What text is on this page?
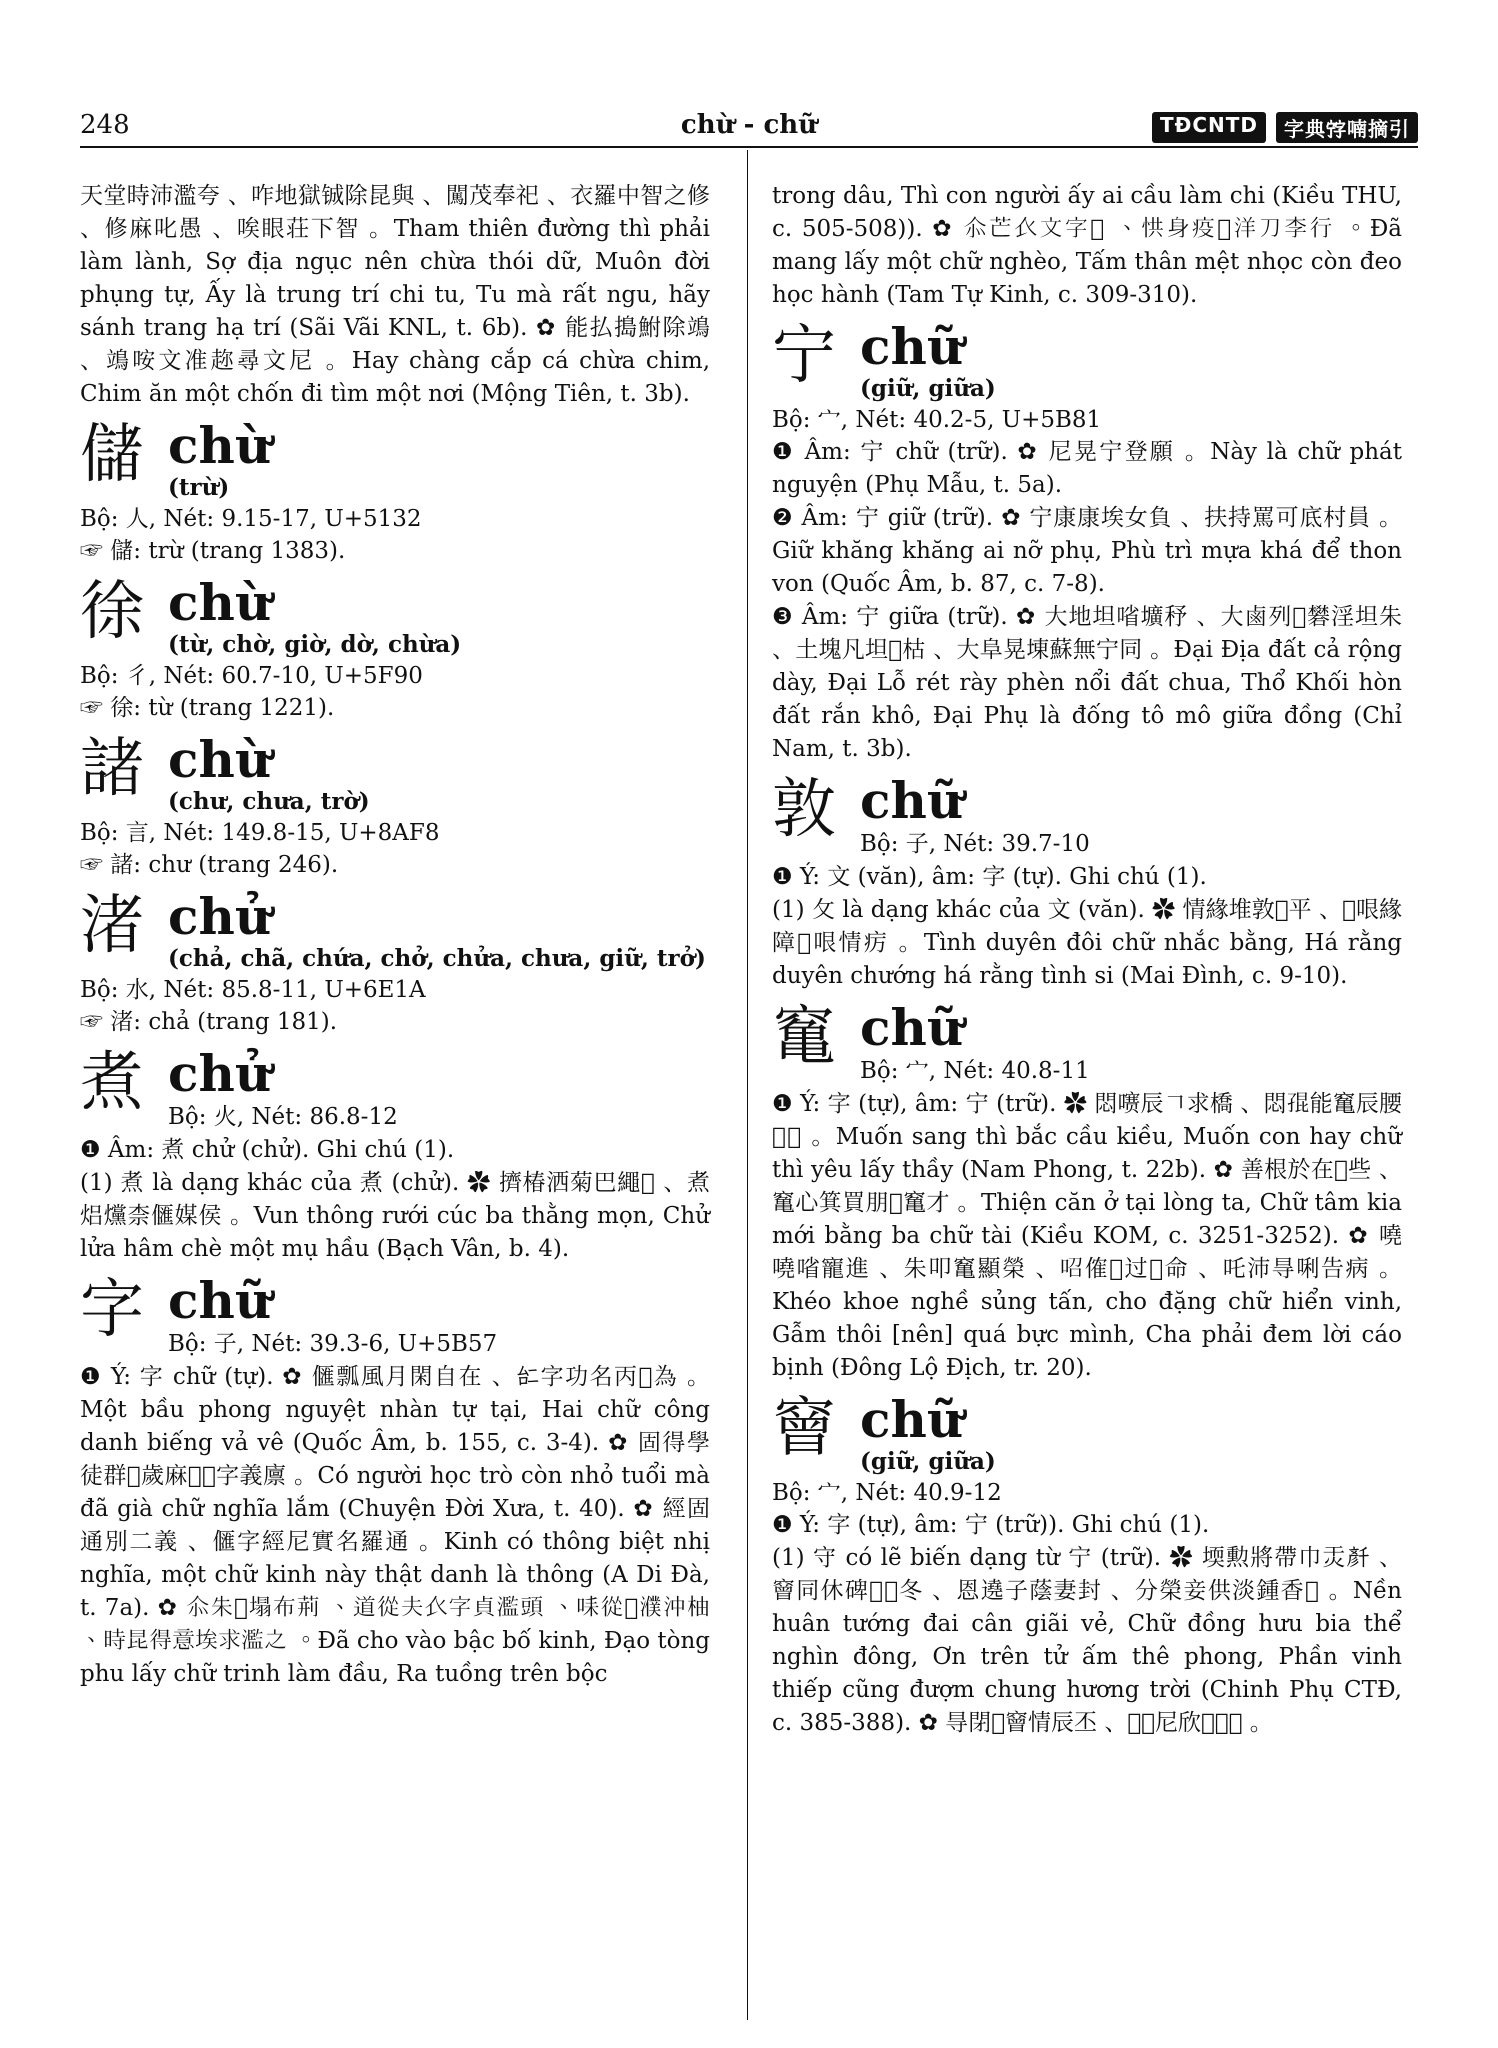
248	chừ - chữ	TĐCNTD	字典𡨸喃摘引

天堂時沛濫夸 、咋地獄铖除昆與 、闖茂奉祀 、衣羅中智之修 、修麻叱愚 、唉眼荘下智 。Tham thiên đường thì phải làm lành, Sợ địa ngục nên chừa thói dữ, Muôn đời phụng tự, Ấy là trung trí chi tu, Tu mà rất ngu, hãy sánh trang hạ trí (Sãi Vãi KNL, t. 6b). ✿ 能払搗鮒除鴗 、鴗咹文准趂尋文尼 。Hay chàng cắp cá chừa chim, Chim ăn một chốn đi tìm một nơi (Mộng Tiên, t. 3b).

儲 chừ
(trừ)

Bộ: 人, Nét: 9.15-17, U+5132

☞ 儲: trừ (trang 1383).

徐 chừ
(từ, chờ, giờ, dờ, chừa)

Bộ: 彳, Nét: 60.7-10, U+5F90

☞ 徐: từ (trang 1221).

諸 chừ
(chư, chưa, trờ)

Bộ: 言, Nét: 149.8-15, U+8AF8

☞ 諸: chư (trang 246).

渚 chử
(chả, chã, chứa, chở, chửa, chưa, giữ, trở)

Bộ: 水, Nét: 85.8-11, U+6E1A

☞ 渚: chả (trang 181).

煮 chử
Bộ: 火, Nét: 86.8-12

❶ Âm: 煮 chử (chử). Ghi chú (1).

(1) 煮 là dạng khác của 煮 (chử). ✿ 擠椿洒菊巴繩𣊾 、煮焒爣柰㒑媒侯 。Vun thông rưới cúc ba thằng mọn, Chử lửa hâm chè một mụ hầu (Bạch Vân, b. 4).

字 chữ
Bộ: 子, Nét: 39.3-6, U+5B57

❶ Ý: 字 chữ (tự). ✿ 㒑瓢風月閑自在 、𠄩字功名丙𦛌為 。Một bầu phong nguyệt nhàn tự tại, Hai chữ công danh biếng vả vê (Quốc Âm, b. 155, c. 3-4). ✿ 固得學徒群𣛠歲麻𣈜𣛠字義廪 。Có người học trò còn nhỏ tuổi mà đã già chữ nghĩa lắm (Chuyện Đời Xưa, t. 40). ✿ 經固通別二義 、㒑字經尼實名羅通 。Kinh có thông biệt nhị nghĩa, một chữ kinh này thật danh là thông (A Di Đà, t. 7a). ✿ 𠇍朱𠓨塌布荊 、道從夫𧘇字貞濫頭 、𠱤從𨖲濮沖柚 、時昆得意埃求濫之 。Đã cho vào bậc bố kinh, Đạo tòng phu lấy chữ trinh làm đầu, Ra tuồng trên bộc

trong dâu, Thì con người ấy ai cầu làm chi (Kiều THU, c. 505-508)). ✿ 𠇍芒𧘇文字𧿨 、㤨身疫𥟉洋刀李行 。Đã mang lấy một chữ nghèo, Tấm thân mệt nhọc còn đeo học hành (Tam Tự Kinh, c. 309-310).

宁 chữ
(giữ, giữa)

Bộ: 宀, Nét: 40.2-5, U+5B81

❶ Âm: 宁 chữ (trữ). ✿ 尼晃宁登願 。Này là chữ phát nguyện (Phụ Mẫu, t. 5a).

❷ Âm: 宁 giữ (trữ). ✿ 宁康康埃女負 、扶持罵可底村員 。Giữ khăng khăng ai nỡ phụ, Phù trì mựa khá để thon von (Quốc Âm, b. 87, c. 7-8).

❸ Âm: 宁 giữa (trữ). ✿ 大地坦㗂壙𥝱 、大鹵列𩆍礬淫坦朱 、土塊凡坦𠸗枯 、大阜晃埬蘇無宁同 。Đại Địa đất cả rộng dày, Đại Lỗ rét rày phèn nổi đất chua, Thổ Khối hòn đất rắn khô, Đại Phụ là đống tô mô giữa đồng (Chỉ Nam, t. 3b).

敦 chữ
Bộ: 子, Nét: 39.7-10

❶ Ý: 文 (văn), âm: 字 (tự). Ghi chú (1).

(1) 攵 là dạng khác của 文 (văn). ✿ 情緣堆敦𢬣平 、𠰘哏緣障𠰘哏情疠 。Tình duyên đôi chữ nhắc bằng, Há rằng duyên chướng há rằng tình si (Mai Đình, c. 9-10).

䆴 chữ
Bộ: 宀, Nét: 40.8-11

❶ Ý: 字 (tự), âm: 宁 (trữ). ✿ 悶㗷辰𠃍求橋 、悶𡥵能䆴辰腰𥘀𣛠 。Muốn sang thì bắc cầu kiều, Muốn con hay chữ thì yêu lấy thầy (Nam Phong, t. 22b). ✿ 善根於在𢚸些 、䆴心箕買朋𠀧䆴才 。Thiện căn ở tại lòng ta, Chữ tâm kia mới bằng ba chữ tài (Kiều KOM, c. 3251-3252). ✿ 嘵嘵㗂寵進 、朱叩䆴顯榮 、𠰉傕𡨹过𢚸命 、吒沛㝵唎告病 。Khéo khoe nghề sủng tấn, cho đặng chữ hiển vinh, Gẫm thôi [nên] quá bực mình, Cha phải đem lời cáo bịnh (Đông Lộ Địch, tr. 20).

䆵 chữ
(giữ, giữa)

Bộ: 宀, Nét: 40.9-12

❶ Ý: 字 (tự), âm: 宁 (trữ)). Ghi chú (1).

(1) 守 có lẽ biến dạng từ 宁 (trữ). ✿ 堧勲將帶巾㶣𠦳 、䆵同休碑𥢆𡱩冬 、恩遶子蔭妻封 、分榮妾供淡鍾香𡗶 。Nền huân tướng đai cân giãi vẻ, Chữ đồng hưu bia thể nghìn đông, Ơn trên tử ấm thê phong, Phần vinh thiếp cũng đượm chung hương trời (Chinh Phụ CTĐ, c. 385-388). ✿ 㝵閉𡗉䆵情辰丕 、𨁟𡗉尼欣𧡊𡗉𣑎 。
